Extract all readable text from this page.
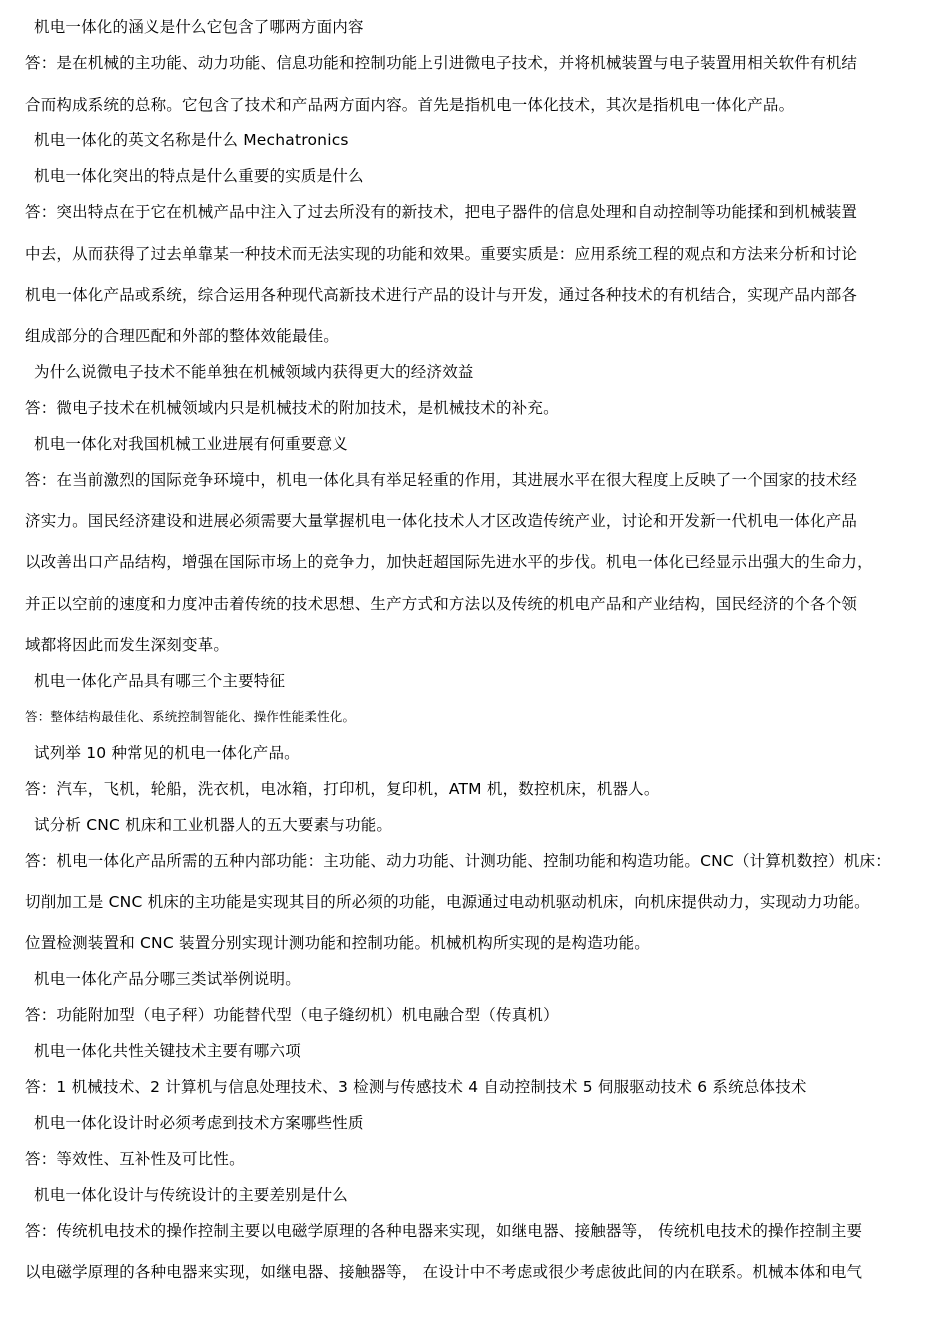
机电一体化的涵义是什么它包含了哪两方面内容
答：是在机械的主功能、动力功能、信息功能和控制功能上引进微电子技术，并将机械装置与电子装置用相关软件有机结
合而构成系统的总称。它包含了技术和产品两方面内容。首先是指机电一体化技术，其次是指机电一体化产品。
机电一体化的英文名称是什么 Mechatronics
机电一体化突出的特点是什么重要的实质是什么
答：突出特点在于它在机械产品中注入了过去所没有的新技术，把电子器件的信息处理和自动控制等功能揉和到机械装置
中去，从而获得了过去单靠某一种技术而无法实现的功能和效果。重要实质是：应用系统工程的观点和方法来分析和讨论
机电一体化产品或系统，综合运用各种现代高新技术进行产品的设计与开发，通过各种技术的有机结合，实现产品内部各
组成部分的合理匹配和外部的整体效能最佳。
为什么说微电子技术不能单独在机械领域内获得更大的经济效益
答：微电子技术在机械领域内只是机械技术的附加技术，是机械技术的补充。
机电一体化对我国机械工业进展有何重要意义
答：在当前激烈的国际竞争环境中，机电一体化具有举足轻重的作用，其进展水平在很大程度上反映了一个国家的技术经
济实力。国民经济建设和进展必须需要大量掌握机电一体化技术人才区改造传统产业，讨论和开发新一代机电一体化产品
以改善出口产品结构，增强在国际市场上的竞争力，加快赶超国际先进水平的步伐。机电一体化已经显示出强大的生命力，
并正以空前的速度和力度冲击着传统的技术思想、生产方式和方法以及传统的机电产品和产业结构，国民经济的个各个领
域都将因此而发生深刻变革。
机电一体化产品具有哪三个主要特征
答：整体结构最佳化、系统控制智能化、操作性能柔性化。
试列举 10 种常见的机电一体化产品。
答：汽车，飞机，轮船，洗衣机，电冰箱，打印机，复印机，ATM 机，数控机床，机器人。
试分析 CNC 机床和工业机器人的五大要素与功能。
答：机电一体化产品所需的五种内部功能：主功能、动力功能、计测功能、控制功能和构造功能。CNC（计算机数控）机床：
切削加工是 CNC 机床的主功能是实现其目的所必须的功能，电源通过电动机驱动机床，向机床提供动力，实现动力功能。
位置检测装置和 CNC 装置分别实现计测功能和控制功能。机械机构所实现的是构造功能。
机电一体化产品分哪三类试举例说明。
答：功能附加型（电子秤）功能替代型（电子缝纫机）机电融合型（传真机）
机电一体化共性关键技术主要有哪六项
答：1 机械技术、2 计算机与信息处理技术、3 检测与传感技术 4 自动控制技术 5 伺服驱动技术 6 系统总体技术
机电一体化设计时必须考虑到技术方案哪些性质
答：等效性、互补性及可比性。
机电一体化设计与传统设计的主要差别是什么
答：传统机电技术的操作控制主要以电磁学原理的各种电器来实现，如继电器、接触器等， 传统机电技术的操作控制主要
以电磁学原理的各种电器来实现，如继电器、接触器等， 在设计中不考虑或很少考虑彼此间的内在联系。机械本体和电气
